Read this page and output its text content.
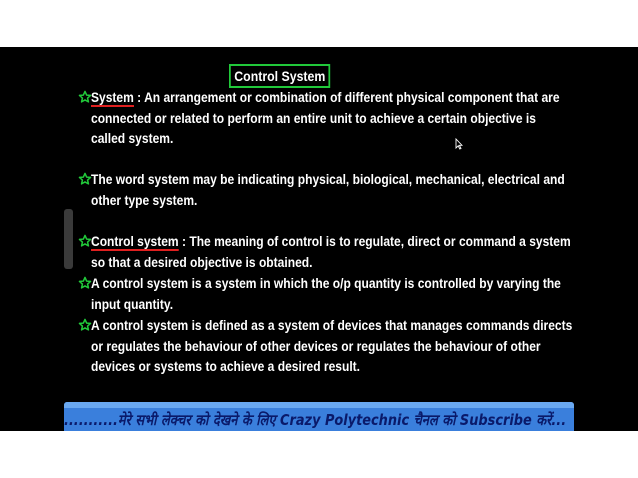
Control System
System : An arrangement or combination of different physical component that are connected or related to perform an entire unit to achieve a certain objective is called system.
The word system may be indicating physical, biological, mechanical, electrical and other type system.
Control system : The meaning of control is to regulate, direct or command a system so that a desired objective is obtained.
A control system is a system in which the o/p quantity is controlled by varying the input quantity.
A control system is defined as a system of devices that manages commands directs or regulates the behaviour of other devices or regulates the behaviour of other devices or systems to achieve a desired result.
...........मेरे सभी लेक्चर को देखने के लिए Crazy Polytechnic चैनल को Subscribe करें...
